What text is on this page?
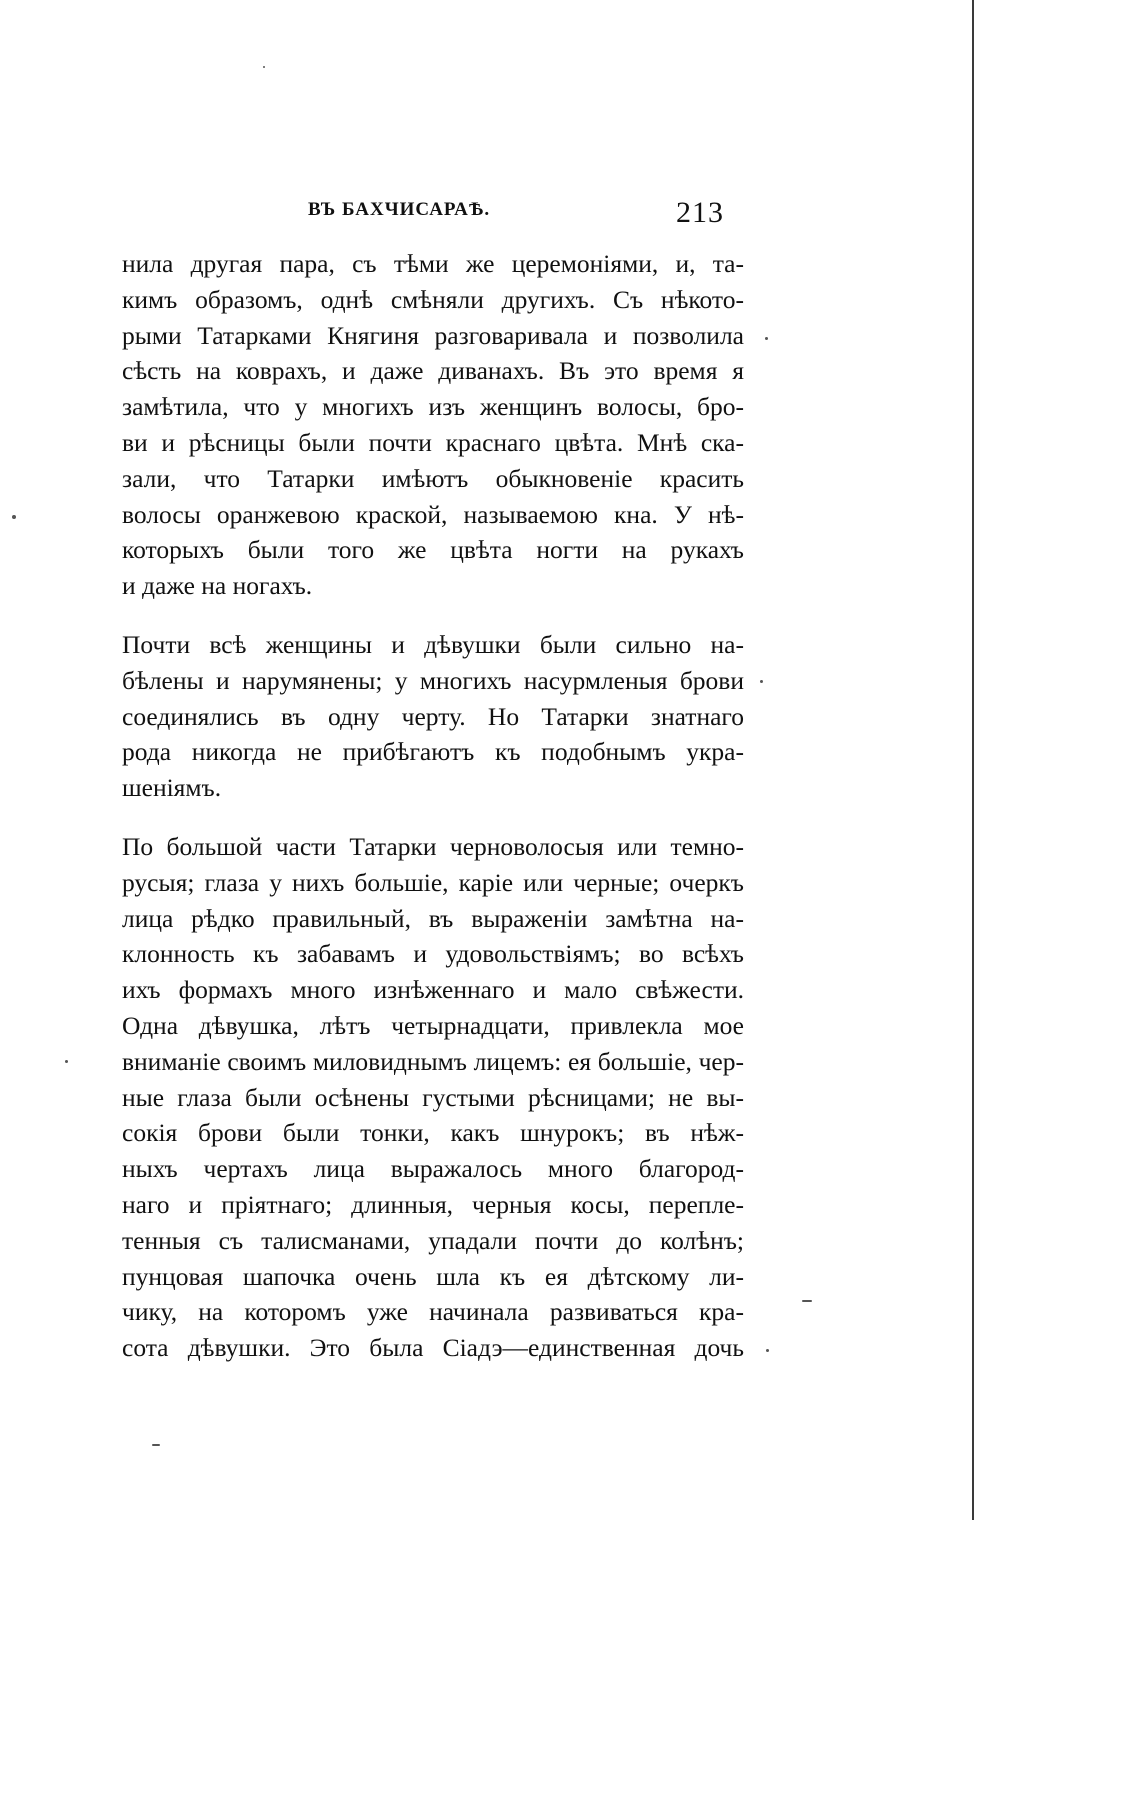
ВЪ БАХЧИСАРАѢ.	213
нила другая пара, съ тѣми же церемоніями, и, та-
кимъ образомъ, однѣ смѣняли другихъ. Съ нѣкото-
рыми Татарками Княгиня разговаривала и позволила
сѣсть на коврахъ, и даже диванахъ. Въ это время я
замѣтила, что у многихъ изъ женщинъ волосы, бро-
ви и рѣсницы были почти краснаго цвѣта. Мнѣ ска-
зали, что Татарки имѣютъ обыкновеніе красить
волосы оранжевою краской, называемою кна. У нѣ-
которыхъ были того же цвѣта ногти на рукахъ
и даже на ногахъ.
Почти всѣ женщины и дѣвушки были сильно на-
бѣлены и нарумянены; у многихъ насурмленыя брови
соединялись въ одну черту. Но Татарки знатнаго
рода никогда не прибѣгаютъ къ подобнымъ укра-
шеніямъ.
По большой части Татарки черноволосыя или темно-
русыя; глаза у нихъ большіе, каріе или черные; очеркъ
лица рѣдко правильный, въ выраженіи замѣтна на-
клонность къ забавамъ и удовольствіямъ; во всѣхъ
ихъ формахъ много изнѣженнаго и мало свѣжести.
Одна дѣвушка, лѣтъ четырнадцати, привлекла мое
вниманіе своимъ миловиднымъ лицемъ: ея большіе, чер-
ные глаза были осѣнены густыми рѣсницами; не вы-
сокія брови были тонки, какъ шнурокъ; въ нѣж-
ныхъ чертахъ лица выражалось много благород-
наго и пріятнаго; длинныя, черныя косы, перепле-
тенныя съ талисманами, упадали почти до колѣнъ;
пунцовая шапочка очень шла къ ея дѣтскому ли-
чику, на которомъ уже начинала развиваться кра-
сота дѣвушки. Это была Сіадэ—единственная дочь
